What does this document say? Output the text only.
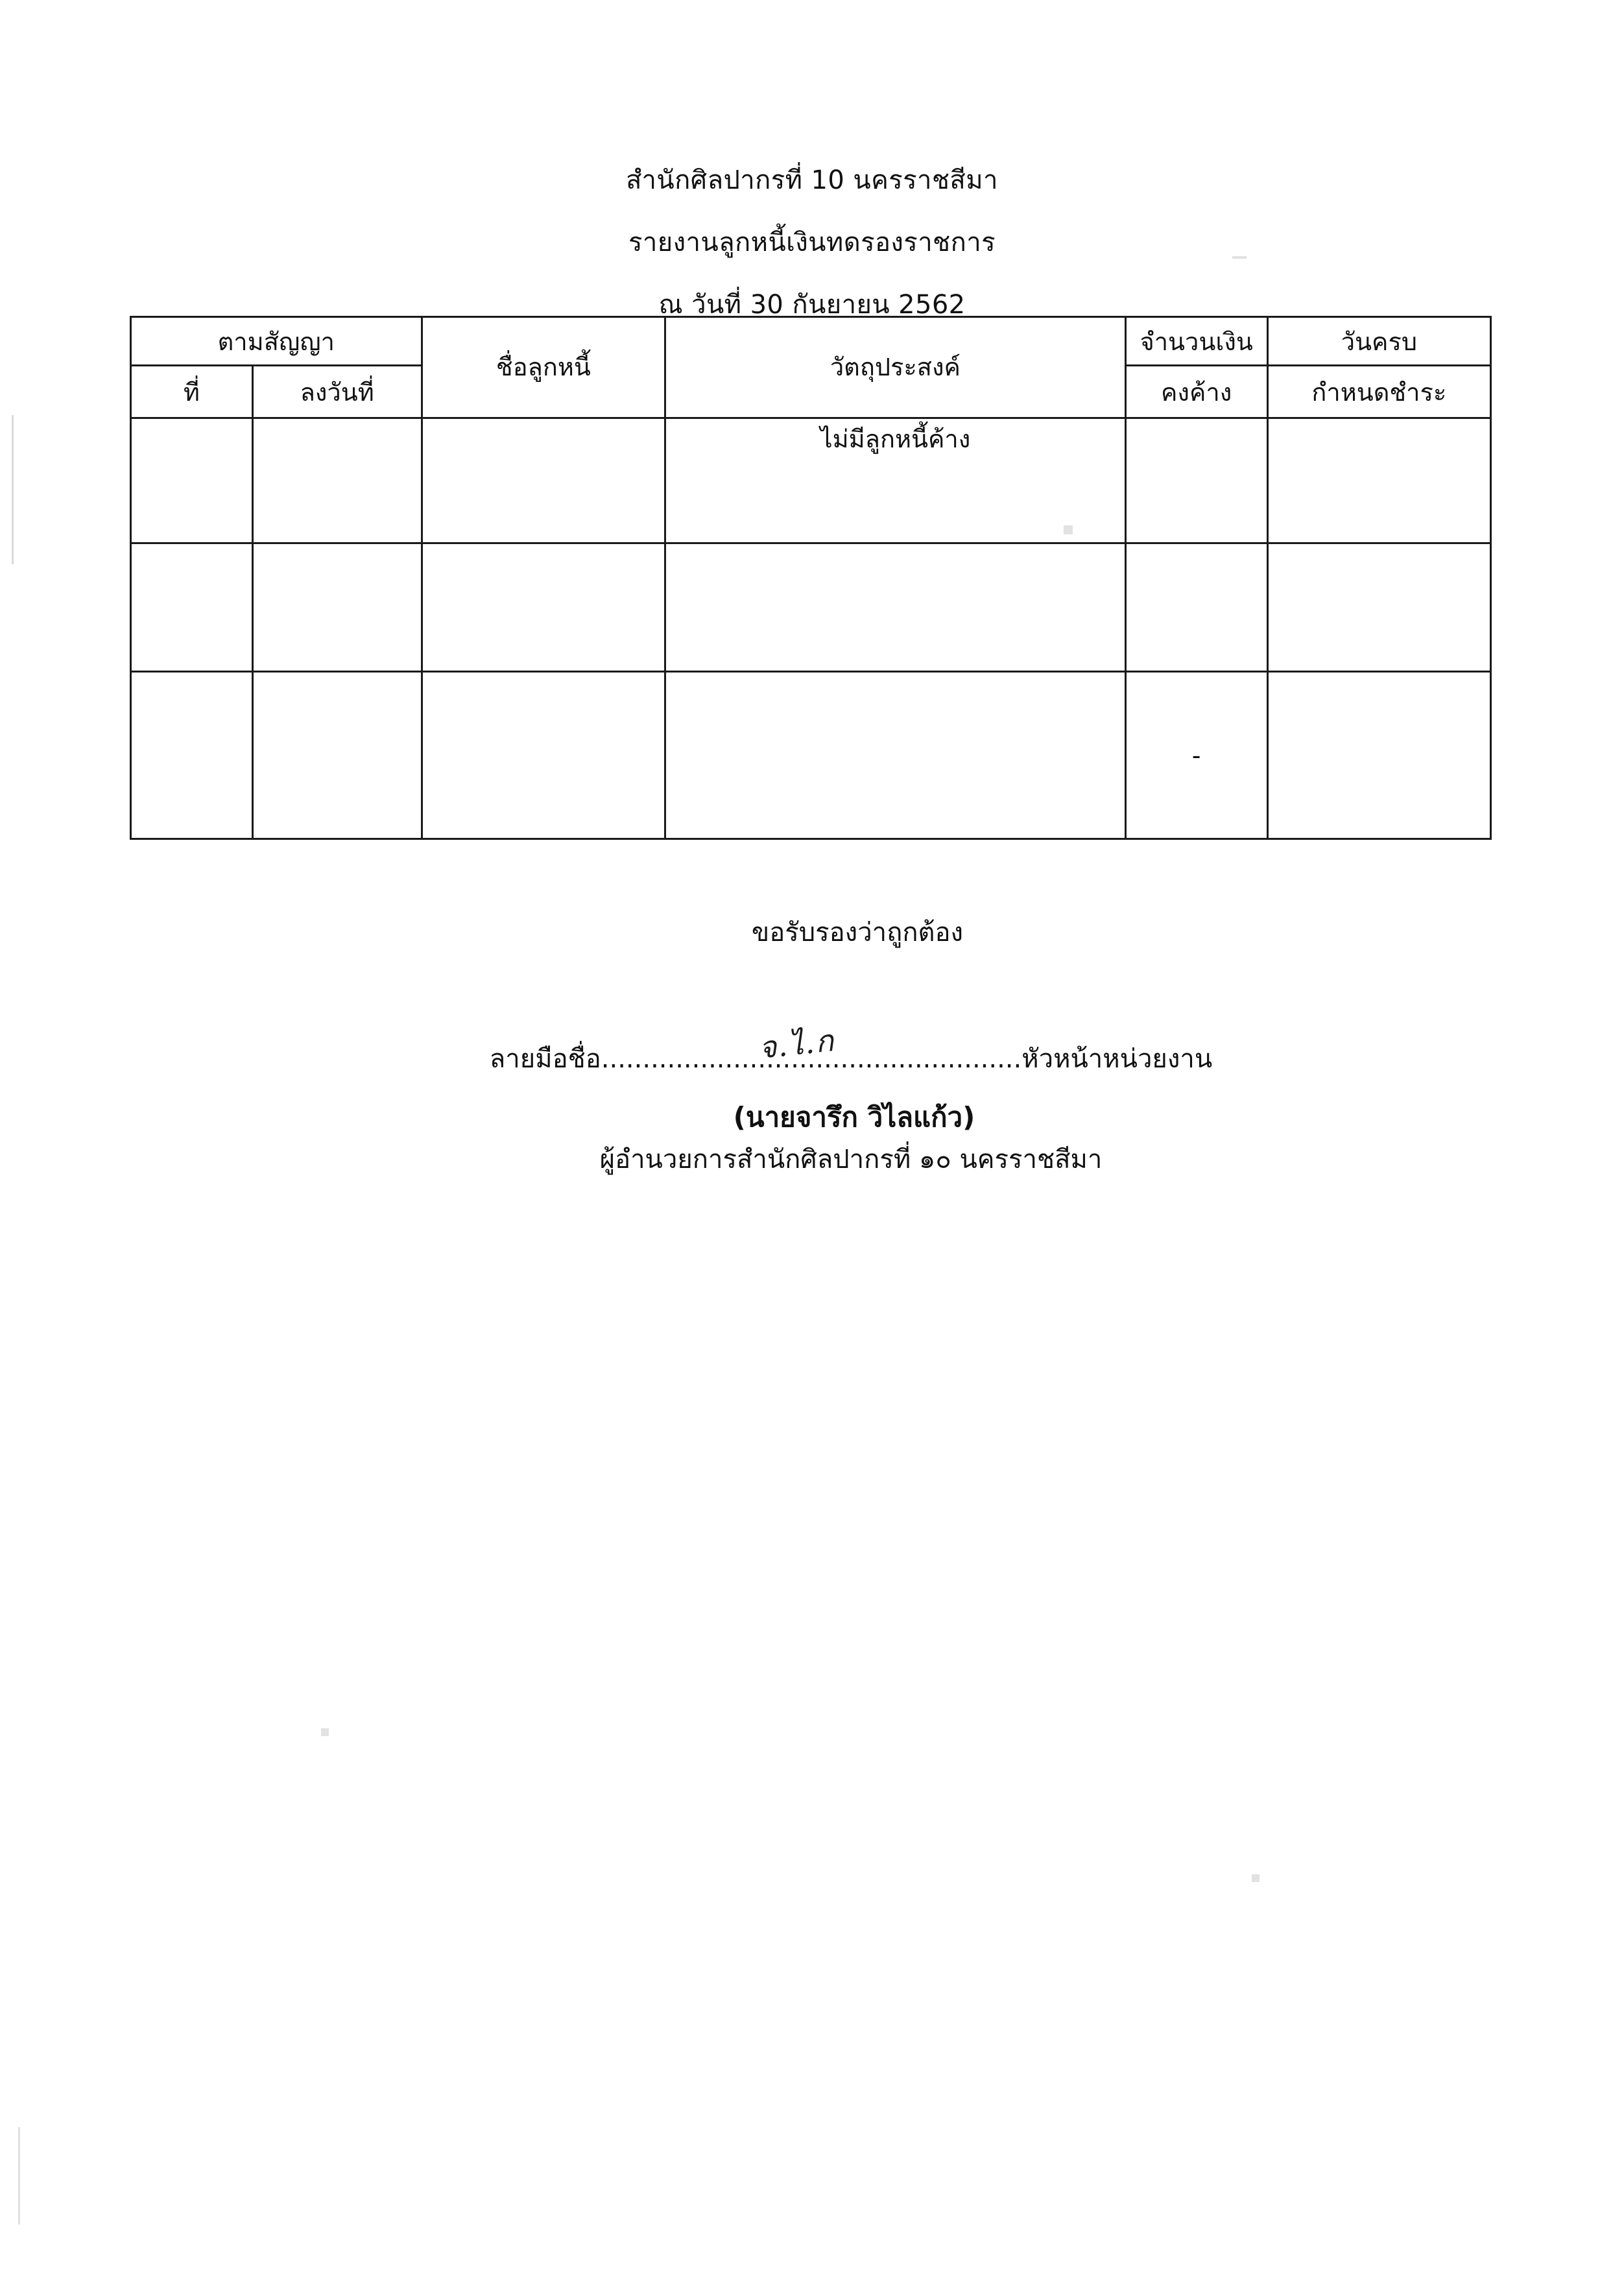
สำนักศิลปากรที่ 10 นครราชสีมา
รายงานลูกหนี้เงินทดรองราชการ
ณ วันที่ 30 กันยายน 2562
ตามสัญญา		ชื่อลูกหนี้	วัตถุประสงค์	จำนวนเงิน	วันครบ
ที่	ลงวันที่			คงค้าง	กำหนดชำระ
			ไม่มีลูกหนี้ค้าง		

				-	
ขอรับรองว่าถูกต้อง
ลายมือชื่อ...................................................หัวหน้าหน่วยงาน
จ.ไ.ก
(นายจารึก วิไลแก้ว)
ผู้อำนวยการสำนักศิลปากรที่ ๑๐ นครราชสีมา
